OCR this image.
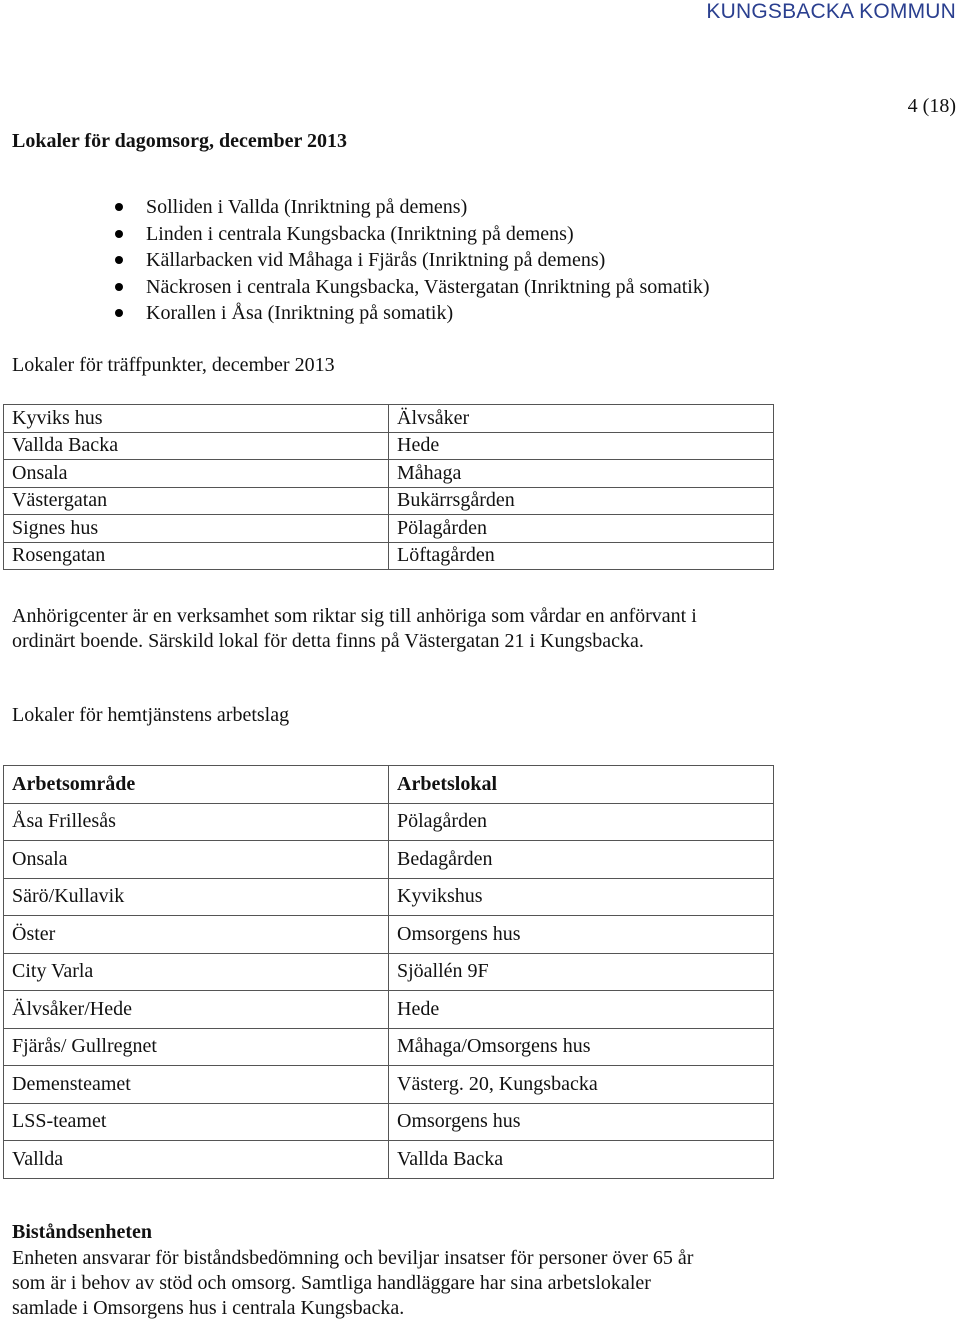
KUNGSBACKA KOMMUN
4 (18)
Lokaler för dagomsorg, december 2013
Solliden i Vallda (Inriktning på demens)
Linden i centrala Kungsbacka (Inriktning på demens)
Källarbacken vid Måhaga i Fjärås (Inriktning på demens)
Näckrosen i centrala Kungsbacka, Västergatan (Inriktning på somatik)
Korallen i Åsa (Inriktning på somatik)
Lokaler för träffpunkter, december 2013
Kyviks hus	Älvsåker
Vallda Backa	Hede
Onsala	Måhaga
Västergatan	Bukärrsgården
Signes hus	Pölagården
Rosengatan	Löftagården
Anhörigcenter är en verksamhet som riktar sig till anhöriga som vårdar en anförvant i
ordinärt boende. Särskild lokal för detta finns på Västergatan 21 i Kungsbacka.
Lokaler för hemtjänstens arbetslag
Arbetsområde	Arbetslokal
Åsa Frillesås	Pölagården
Onsala	Bedagården
Särö/Kullavik	Kyvikshus
Öster	Omsorgens hus
City Varla	Sjöallén 9F
Älvsåker/Hede	Hede
Fjärås/ Gullregnet	Måhaga/Omsorgens hus
Demensteamet	Västerg. 20, Kungsbacka
LSS-teamet	Omsorgens hus
Vallda	Vallda Backa
Biståndsenheten
Enheten ansvarar för biståndsbedömning och beviljar insatser för personer över 65 år
som är i behov av stöd och omsorg. Samtliga handläggare har sina arbetslokaler
samlade i Omsorgens hus i centrala Kungsbacka.
